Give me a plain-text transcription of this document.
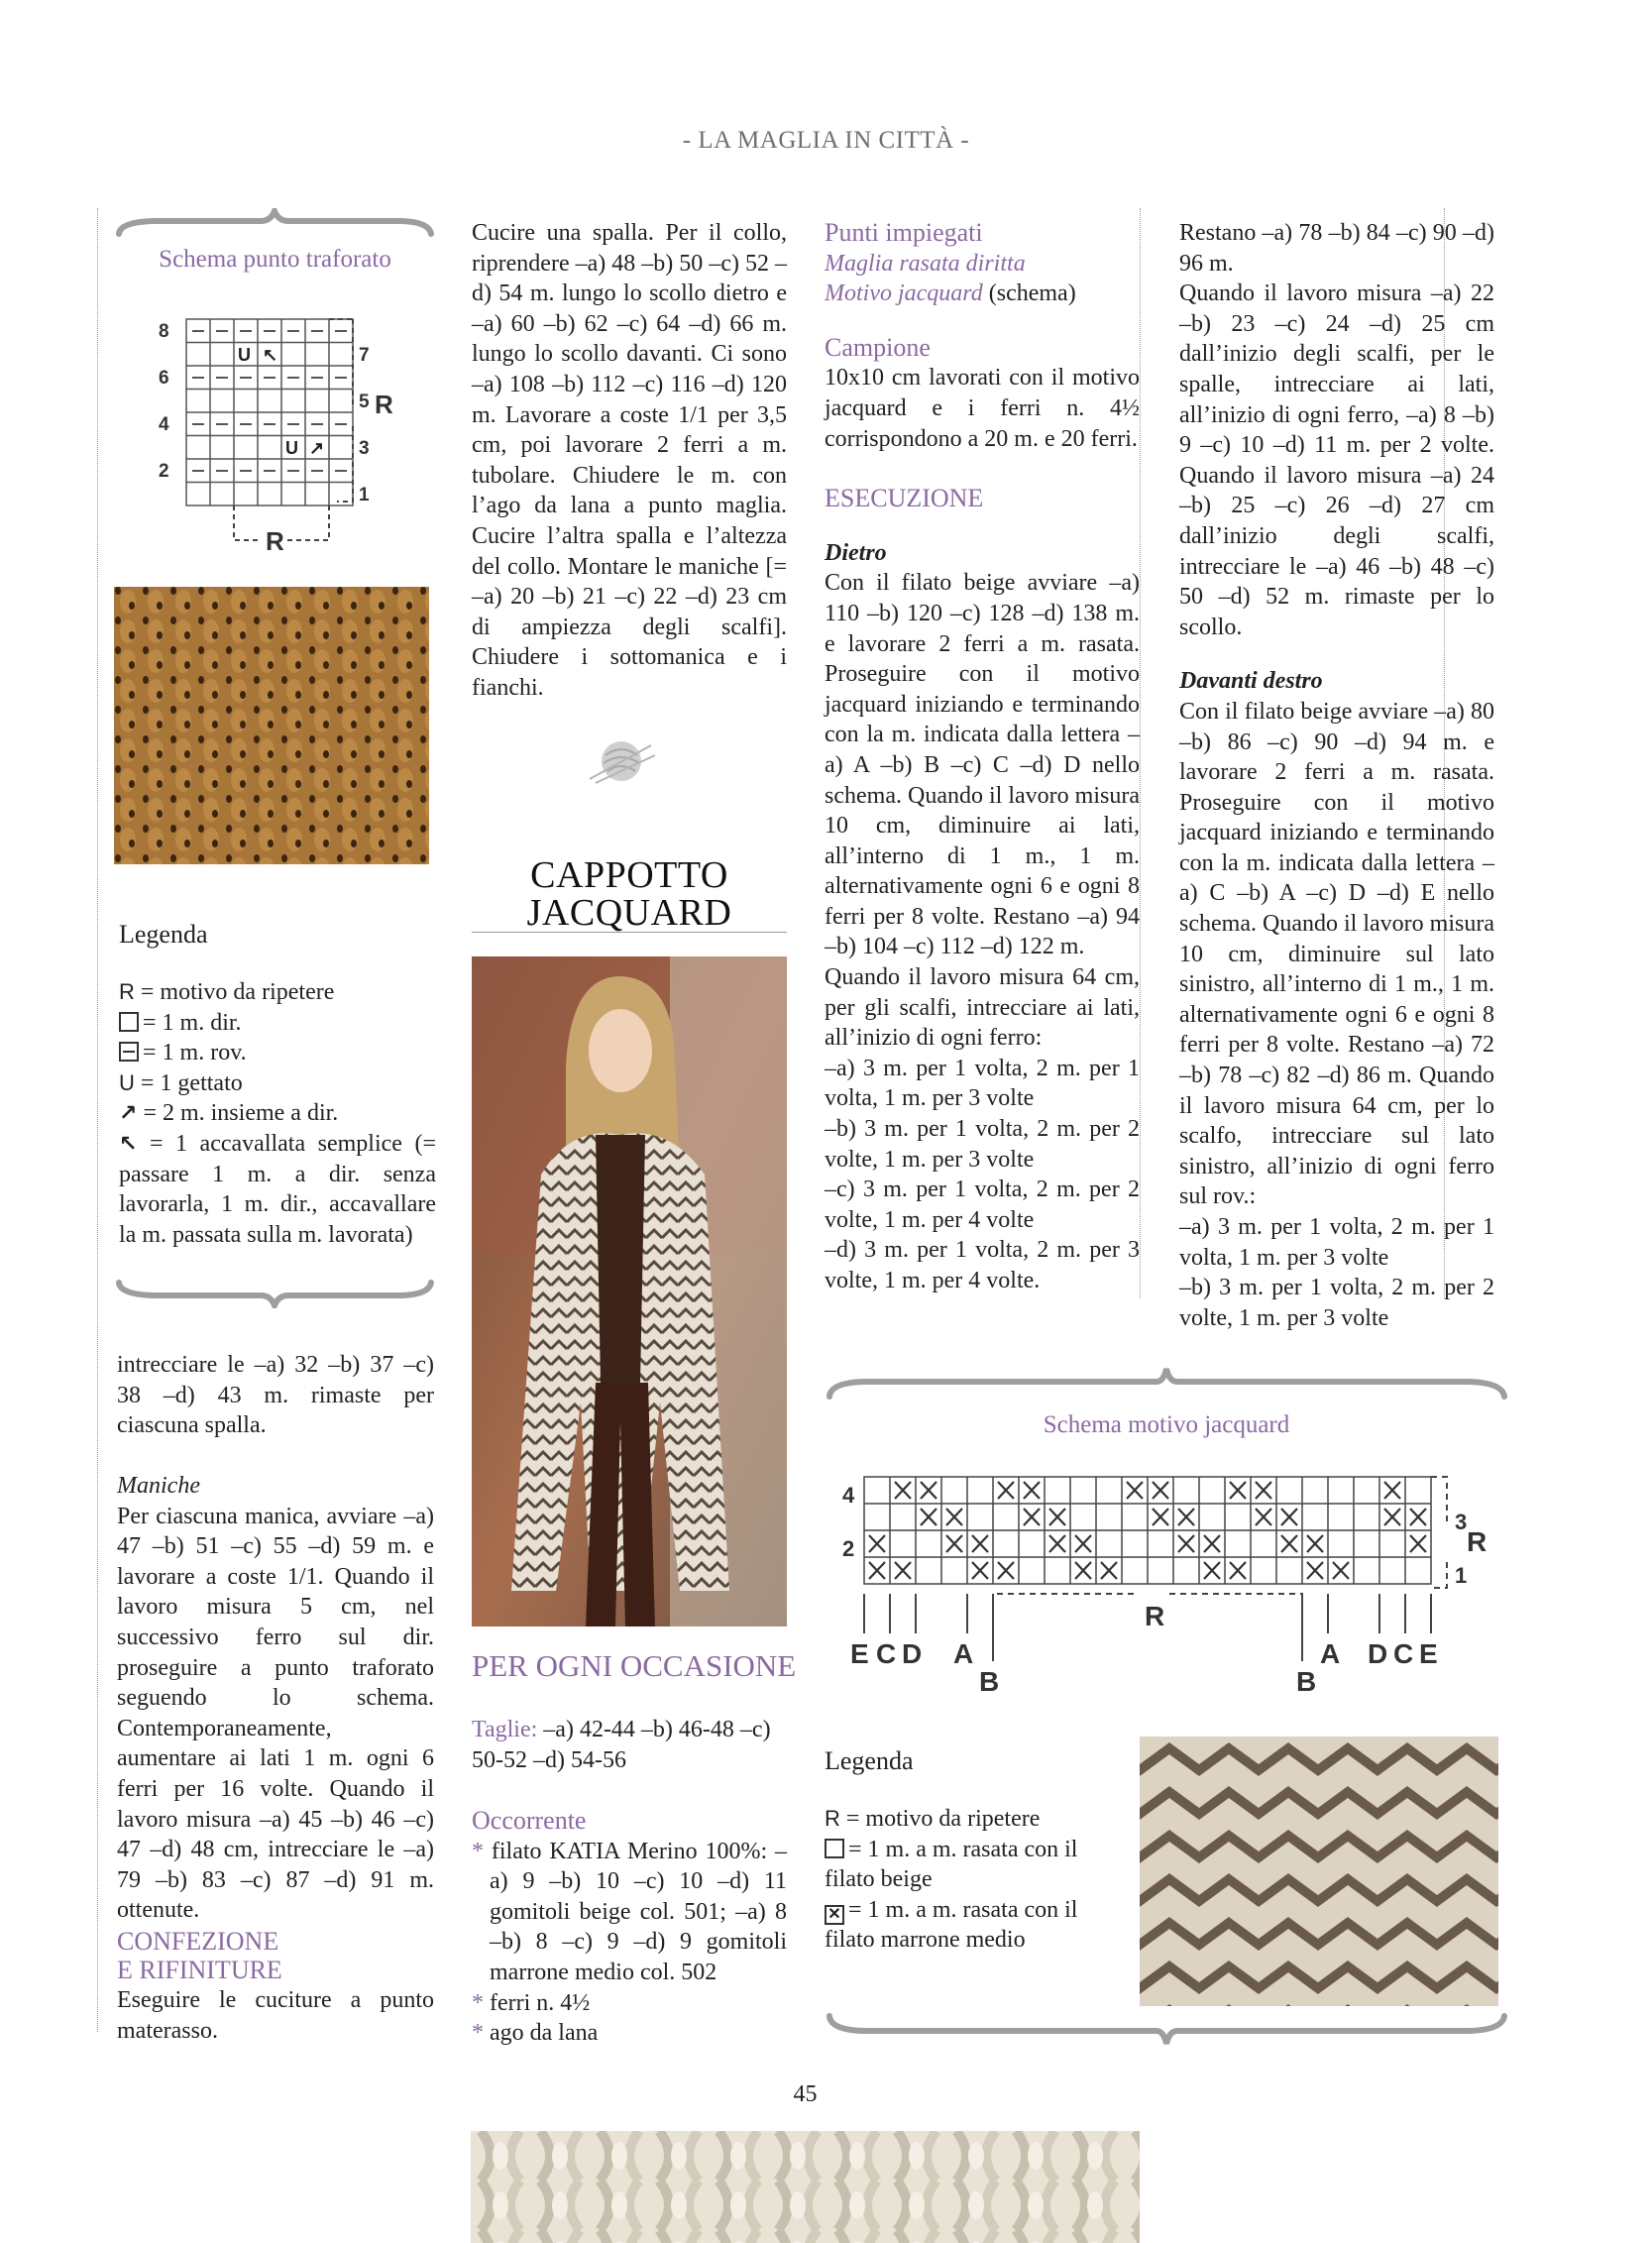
- LA MAGLIA IN CITTÀ -
Schema punto traforato
8
6
4
2
7
5
3
1
R
R
U ↖
U ↗
Legenda

R = motivo da ripetere

= 1 m. dir.

= 1 m. rov.

U = 1 gettato

↗ = 2 m. insieme a dir.

↖ = 1 accavallata semplice (= passare 1 m. a dir. senza lavorarla, 1 m. dir., accavallare la m. passata sulla m. lavorata)

intrecciare le –a) 32 –b) 37 –c) 38 –d) 43 m. rimaste per ciascuna spalla.

Maniche

Per ciascuna manica, avviare –a) 47 –b) 51 –c) 55 –d) 59 m. e lavorare a coste 1/1. Quando il lavoro misura 5 cm, nel successivo ferro sul dir. proseguire a punto traforato seguendo lo schema. Contemporaneamente, aumentare ai lati 1 m. ogni 6 ferri per 16 volte. Quando il lavoro misura –a) 45 –b) 46 –c) 47 –d) 48 cm, intrecciare le –a) 79 –b) 83 –c) 87 –d) 91 m. ottenute.

CONFEZIONE

E RIFINITURE

Eseguire le cuciture a punto materasso.

Cucire una spalla. Per il collo, riprendere –a) 48 –b) 50 –c) 52 –d) 54 m. lungo lo scollo dietro e –a) 60 –b) 62 –c) 64 –d) 66 m. lungo lo scollo davanti. Ci sono –a) 108 –b) 112 –c) 116 –d) 120 m. Lavorare a coste 1/1 per 3,5 cm, poi lavorare 2 ferri a m. tubolare. Chiudere le m. con l’ago da lana a punto maglia. Cucire l’altra spalla e l’altezza del collo. Montare le maniche [= –a) 20 –b) 21 –c) 22 –d) 23 cm di ampiezza degli scalfi]. Chiudere i sottomanica e i fianchi.
CAPPOTTO
JACQUARD
PER OGNI OCCASIONE

Taglie: –a) 42-44 –b) 46-48 –c) 50-52 –d) 54-56

Occorrente

* filato KATIA Merino 100%: –a) 9 –b) 10 –c) 10 –d) 11 gomitoli beige col. 501; –a) 8 –b) 8 –c) 9 –d) 9 gomitoli marrone medio col. 502

* ferri n. 4½

* ago da lana

Punti impiegati

Maglia rasata diritta

Motivo jacquard (schema)

Campione

10x10 cm lavorati con il motivo jacquard e i ferri n. 4½ corrispondono a 20 m. e 20 ferri.

ESECUZIONE

Dietro

Con il filato beige avviare –a) 110 –b) 120 –c) 128 –d) 138 m. e lavorare 2 ferri a m. rasata. Proseguire con il motivo jacquard iniziando e terminando con la m. indicata dalla lettera –a) A –b) B –c) C –d) D nello schema. Quando il lavoro misura 10 cm, diminuire ai lati, all’interno di 1 m., 1 m. alternativamente ogni 6 e ogni 8 ferri per 8 volte. Restano –a) 94 –b) 104 –c) 112 –d) 122 m.

Quando il lavoro misura 64 cm, per gli scalfi, intrecciare ai lati, all’inizio di ogni ferro:

–a) 3 m. per 1 volta, 2 m. per 1 volta, 1 m. per 3 volte

–b) 3 m. per 1 volta, 2 m. per 2 volte, 1 m. per 3 volte

–c) 3 m. per 1 volta, 2 m. per 2 volte, 1 m. per 4 volte

–d) 3 m. per 1 volta, 2 m. per 3 volte, 1 m. per 4 volte.

Restano –a) 78 –b) 84 –c) 90 –d) 96 m.

Quando il lavoro misura –a) 22 –b) 23 –c) 24 –d) 25 cm dall’inizio degli scalfi, per le spalle, intrecciare ai lati, all’inizio di ogni ferro, –a) 8 –b) 9 –c) 10 –d) 11 m. per 2 volte. Quando il lavoro misura –a) 24 –b) 25 –c) 26 –d) 27 cm dall’inizio degli scalfi, intrecciare le –a) 46 –b) 48 –c) 50 –d) 52 m. rimaste per lo scollo.

Davanti destro

Con il filato beige avviare –a) 80 –b) 86 –c) 90 –d) 94 m. e lavorare 2 ferri a m. rasata. Proseguire con il motivo jacquard iniziando e terminando con la m. indicata dalla lettera –a) C –b) A –c) D –d) E nello schema. Quando il lavoro misura 10 cm, diminuire sul lato sinistro, all’interno di 1 m., 1 m. alternativamente ogni 6 e ogni 8 ferri per 8 volte. Restano –a) 72 –b) 78 –c) 82 –d) 86 m. Quando il lavoro misura 64 cm, per lo scalfo, intrecciare sul lato sinistro, all’inizio di ogni ferro sul rov.:

–a) 3 m. per 1 volta, 2 m. per 1 volta, 1 m. per 3 volte

–b) 3 m. per 1 volta, 2 m. per 2 volte, 1 m. per 3 volte

Schema motivo jacquard
4
2
3
1
R
R
E C D A
B	B
A D C E
Legenda

R = motivo da ripetere

= 1 m. a m. rasata con il filato beige

✕ = 1 m. a m. rasata con il filato marrone medio

45
